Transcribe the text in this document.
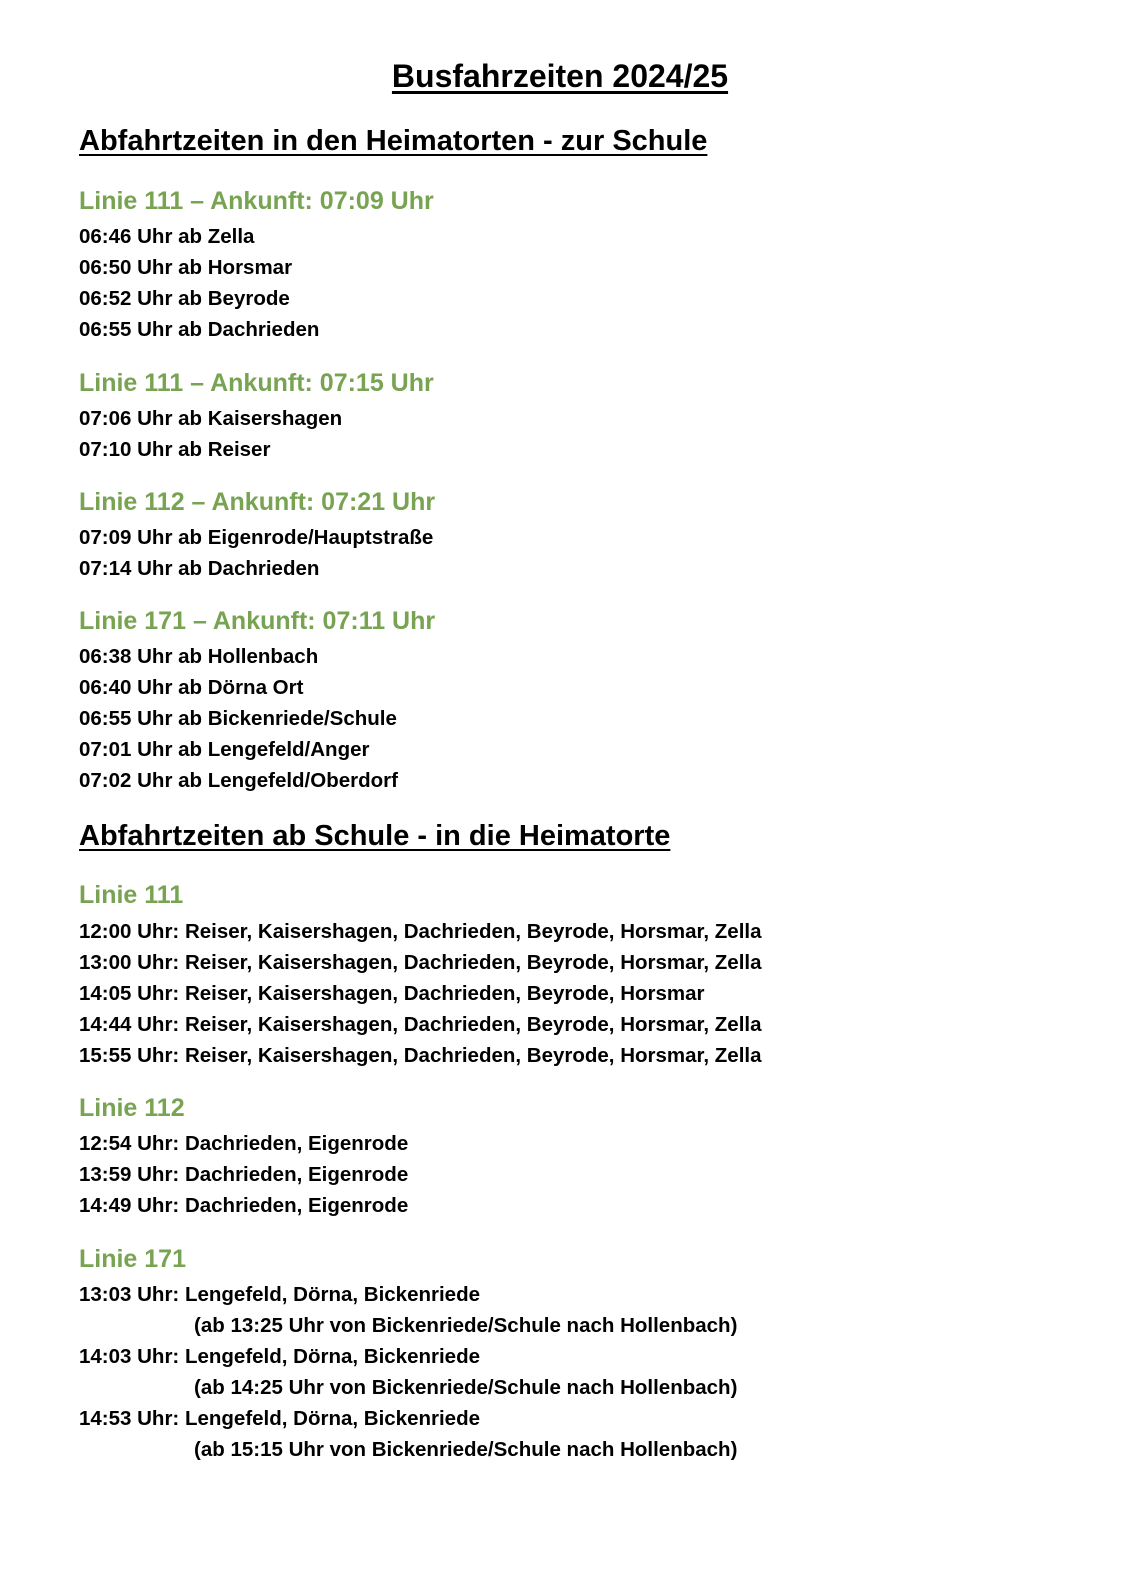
Busfahrzeiten 2024/25
Abfahrtzeiten in den Heimatorten - zur Schule
Linie 111 – Ankunft: 07:09 Uhr
06:46 Uhr ab Zella
06:50 Uhr ab Horsmar
06:52 Uhr ab Beyrode
06:55 Uhr ab Dachrieden
Linie 111 – Ankunft: 07:15 Uhr
07:06 Uhr ab Kaisershagen
07:10 Uhr ab Reiser
Linie 112 – Ankunft: 07:21 Uhr
07:09 Uhr ab Eigenrode/Hauptstraße
07:14 Uhr ab Dachrieden
Linie 171 – Ankunft: 07:11 Uhr
06:38 Uhr ab Hollenbach
06:40 Uhr ab Dörna Ort
06:55 Uhr ab Bickenriede/Schule
07:01 Uhr ab Lengefeld/Anger
07:02 Uhr ab Lengefeld/Oberdorf
Abfahrtzeiten ab Schule - in die Heimatorte
Linie 111
12:00 Uhr: Reiser, Kaisershagen, Dachrieden, Beyrode, Horsmar, Zella
13:00 Uhr: Reiser, Kaisershagen, Dachrieden, Beyrode, Horsmar, Zella
14:05 Uhr: Reiser, Kaisershagen, Dachrieden, Beyrode, Horsmar
14:44 Uhr: Reiser, Kaisershagen, Dachrieden, Beyrode, Horsmar, Zella
15:55 Uhr: Reiser, Kaisershagen, Dachrieden, Beyrode, Horsmar, Zella
Linie 112
12:54 Uhr: Dachrieden, Eigenrode
13:59 Uhr: Dachrieden, Eigenrode
14:49 Uhr: Dachrieden, Eigenrode
Linie 171
13:03 Uhr: Lengefeld, Dörna, Bickenriede
(ab 13:25 Uhr von Bickenriede/Schule nach Hollenbach)
14:03 Uhr: Lengefeld, Dörna, Bickenriede
(ab 14:25 Uhr von Bickenriede/Schule nach Hollenbach)
14:53 Uhr: Lengefeld, Dörna, Bickenriede
(ab 15:15 Uhr von Bickenriede/Schule nach Hollenbach)
